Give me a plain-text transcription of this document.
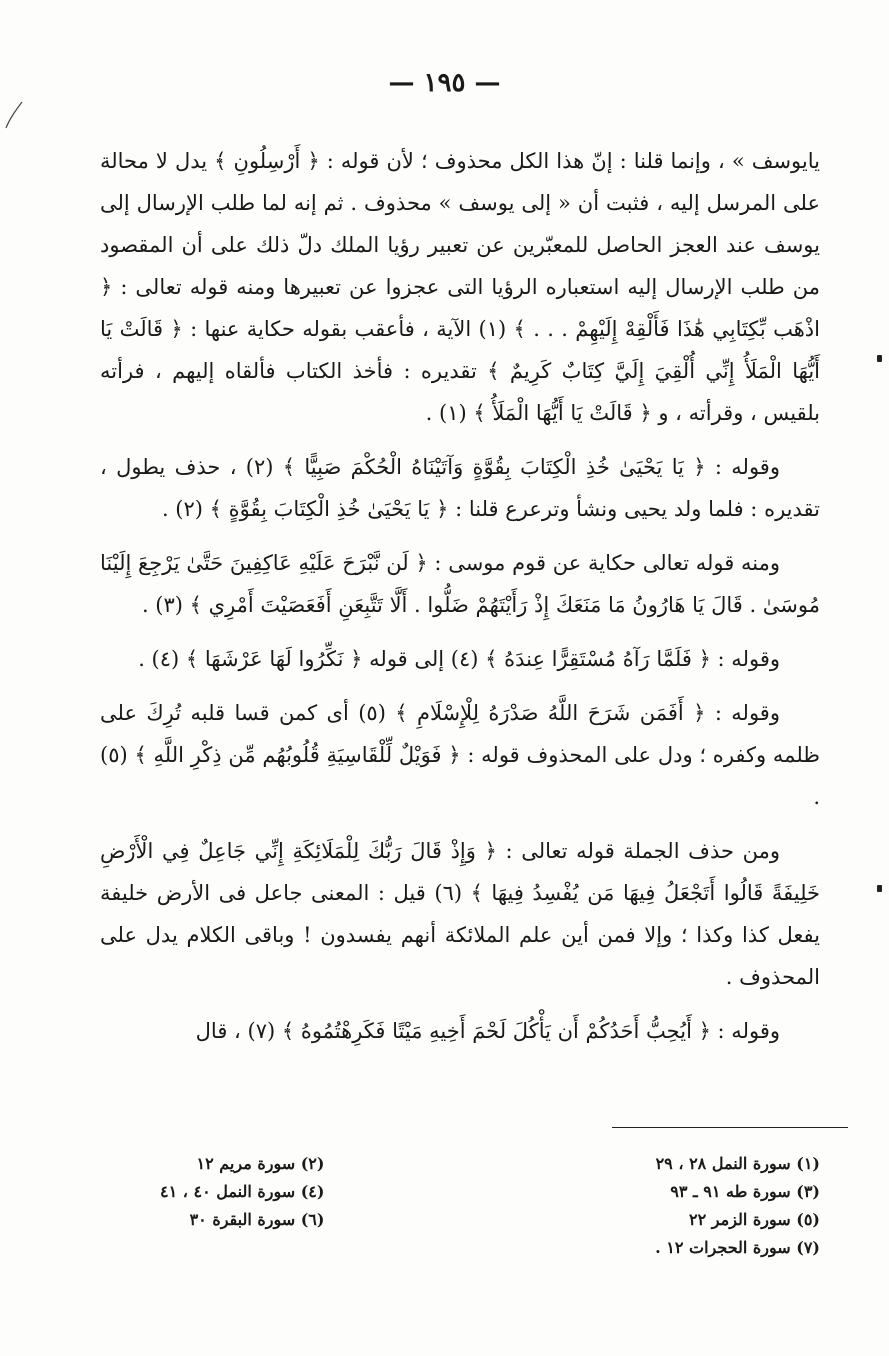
— ١٩٥ —

يايوسف » ، وإنما قلنا : إنّ هذا الكل محذوف ؛ لأن قوله : ﴿ أَرْسِلُونِ ﴾ يدل لا محالة على المرسل إليه ، فثبت أن « إلى يوسف » محذوف . ثم إنه لما طلب الإرسال إلى يوسف عند العجز الحاصل للمعبّرين عن تعبير رؤيا الملك دلّ ذلك على أن المقصود من طلب الإرسال إليه استعباره الرؤيا التى عجزوا عن تعبيرها ومنه قوله تعالى : ﴿ اذْهَب بِّكِتَابِي هَٰذَا فَأَلْقِهْ إِلَيْهِمْ . . . ﴾ (١) الآية ، فأعقب بقوله حكاية عنها : ﴿ قَالَتْ يَا أَيُّهَا الْمَلَأُ إِنِّي أُلْقِيَ إِلَيَّ كِتَابٌ كَرِيمٌ ﴾ تقديره : فأخذ الكتاب فألقاه إليهم ، فرأته بلقيس ، وقرأته ، و ﴿ قَالَتْ يَا أَيُّهَا الْمَلَأُ ﴾ (١) .

وقوله : ﴿ يَا يَحْيَىٰ خُذِ الْكِتَابَ بِقُوَّةٍ وَآتَيْنَاهُ الْحُكْمَ صَبِيًّا ﴾ (٢) ، حذف يطول ، تقديره : فلما ولد يحيى ونشأ وترعرع قلنا : ﴿ يَا يَحْيَىٰ خُذِ الْكِتَابَ بِقُوَّةٍ ﴾ (٢) .

ومنه قوله تعالى حكاية عن قوم موسى : ﴿ لَن نَّبْرَحَ عَلَيْهِ عَاكِفِينَ حَتَّىٰ يَرْجِعَ إِلَيْنَا مُوسَىٰ . قَالَ يَا هَارُونُ مَا مَنَعَكَ إِذْ رَأَيْتَهُمْ ضَلُّوا . أَلَّا تَتَّبِعَنِ أَفَعَصَيْتَ أَمْرِي ﴾ (٣) .

وقوله : ﴿ فَلَمَّا رَآهُ مُسْتَقِرًّا عِندَهُ ﴾ (٤) إلى قوله ﴿ نَكِّرُوا لَهَا عَرْشَهَا ﴾ (٤) .

وقوله : ﴿ أَفَمَن شَرَحَ اللَّهُ صَدْرَهُ لِلْإِسْلَامِ ﴾ (٥) أى كمن قسا قلبه تُرِكَ على ظلمه وكفره ؛ ودل على المحذوف قوله : ﴿ فَوَيْلٌ لِّلْقَاسِيَةِ قُلُوبُهُم مِّن ذِكْرِ اللَّهِ ﴾ (٥) .

ومن حذف الجملة قوله تعالى : ﴿ وَإِذْ قَالَ رَبُّكَ لِلْمَلَائِكَةِ إِنِّي جَاعِلٌ فِي الْأَرْضِ خَلِيفَةً قَالُوا أَتَجْعَلُ فِيهَا مَن يُفْسِدُ فِيهَا ﴾ (٦) قيل : المعنى جاعل فى الأرض خليفة يفعل كذا وكذا ؛ وإلا فمن أين علم الملائكة أنهم يفسدون ! وباقى الكلام يدل على المحذوف .

وقوله : ﴿ أَيُحِبُّ أَحَدُكُمْ أَن يَأْكُلَ لَحْمَ أَخِيهِ مَيْتًا فَكَرِهْتُمُوهُ ﴾ (٧) ، قال

(١) سورة النمل ٢٨ ، ٢٩
(٣) سورة طه ٩١ ـ ٩٣
(٥) سورة الزمر ٢٢
(٧) سورة الحجرات ١٢ .
(٢) سورة مريم ١٢
(٤) سورة النمل ٤٠ ، ٤١
(٦) سورة البقرة ٣٠
